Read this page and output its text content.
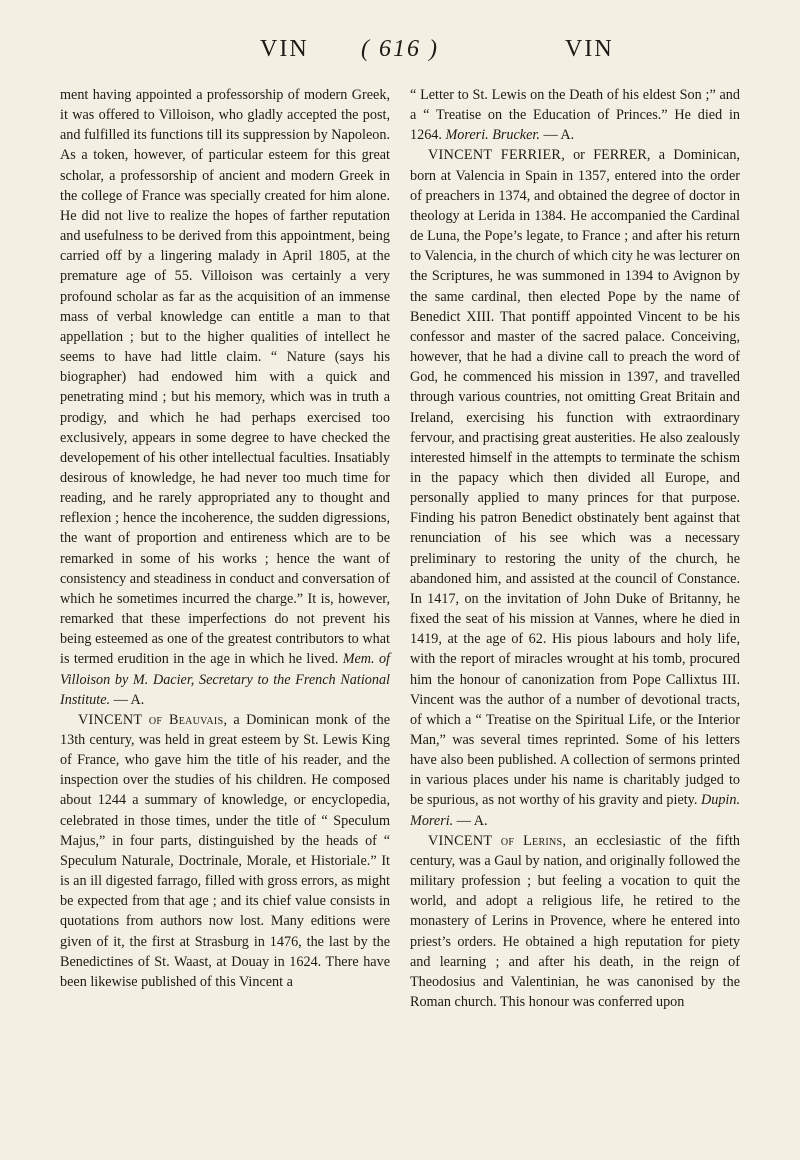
VIN	( 616 )	VIN

ment having appointed a professorship of modern Greek, it was offered to Villoison, who gladly accepted the post, and fulfilled its functions till its suppression by Napoleon. As a token, however, of particular esteem for this great scholar, a professorship of ancient and modern Greek in the college of France was specially created for him alone. He did not live to realize the hopes of farther reputation and usefulness to be derived from this appointment, being carried off by a lingering malady in April 1805, at the premature age of 55. Villoison was certainly a very profound scholar as far as the acquisition of an immense mass of verbal knowledge can entitle a man to that appellation ; but to the higher qualities of intellect he seems to have had little claim. “ Nature (says his biographer) had endowed him with a quick and penetrating mind ; but his memory, which was in truth a prodigy, and which he had perhaps exercised too exclusively, appears in some degree to have checked the developement of his other intellectual faculties. Insatiably desirous of knowledge, he had never too much time for reading, and he rarely appropriated any to thought and reflexion ; hence the incoherence, the sudden digressions, the want of proportion and entireness which are to be remarked in some of his works ; hence the want of consistency and steadiness in conduct and conversation of which he sometimes incurred the charge.” It is, however, remarked that these imperfections do not prevent his being esteemed as one of the greatest contributors to what is termed erudition in the age in which he lived. Mem. of Villoison by M. Dacier, Secretary to the French National Institute. — A.

VINCENT of Beauvais, a Dominican monk of the 13th century, was held in great esteem by St. Lewis King of France, who gave him the title of his reader, and the inspection over the studies of his children. He composed about 1244 a summary of knowledge, or encyclopedia, celebrated in those times, under the title of “ Speculum Majus,” in four parts, distinguished by the heads of “ Speculum Naturale, Doctrinale, Morale, et Historiale.” It is an ill digested farrago, filled with gross errors, as might be expected from that age ; and its chief value consists in quotations from authors now lost. Many editions were given of it, the first at Strasburg in 1476, the last by the Benedictines of St. Waast, at Douay in 1624. There have been likewise published of this Vincent a

“ Letter to St. Lewis on the Death of his eldest Son ;” and a “ Treatise on the Education of Princes.” He died in 1264. Moreri. Brucker. — A.

VINCENT FERRIER, or FERRER, a Dominican, born at Valencia in Spain in 1357, entered into the order of preachers in 1374, and obtained the degree of doctor in theology at Lerida in 1384. He accompanied the Cardinal de Luna, the Pope’s legate, to France ; and after his return to Valencia, in the church of which city he was lecturer on the Scriptures, he was summoned in 1394 to Avignon by the same cardinal, then elected Pope by the name of Benedict XIII. That pontiff appointed Vincent to be his confessor and master of the sacred palace. Conceiving, however, that he had a divine call to preach the word of God, he commenced his mission in 1397, and travelled through various countries, not omitting Great Britain and Ireland, exercising his function with extraordinary fervour, and practising great austerities. He also zealously interested himself in the attempts to terminate the schism in the papacy which then divided all Europe, and personally applied to many princes for that purpose. Finding his patron Benedict obstinately bent against that renunciation of his see which was a necessary preliminary to restoring the unity of the church, he abandoned him, and assisted at the council of Constance. In 1417, on the invitation of John Duke of Britanny, he fixed the seat of his mission at Vannes, where he died in 1419, at the age of 62. His pious labours and holy life, with the report of miracles wrought at his tomb, procured him the honour of canonization from Pope Callixtus III. Vincent was the author of a number of devotional tracts, of which a “ Treatise on the Spiritual Life, or the Interior Man,” was several times reprinted. Some of his letters have also been published. A collection of sermons printed in various places under his name is charitably judged to be spurious, as not worthy of his gravity and piety. Dupin. Moreri. — A.

VINCENT of Lerins, an ecclesiastic of the fifth century, was a Gaul by nation, and originally followed the military profession ; but feeling a vocation to quit the world, and adopt a religious life, he retired to the monastery of Lerins in Provence, where he entered into priest’s orders. He obtained a high reputation for piety and learning ; and after his death, in the reign of Theodosius and Valentinian, he was canonised by the Roman church. This honour was conferred upon
